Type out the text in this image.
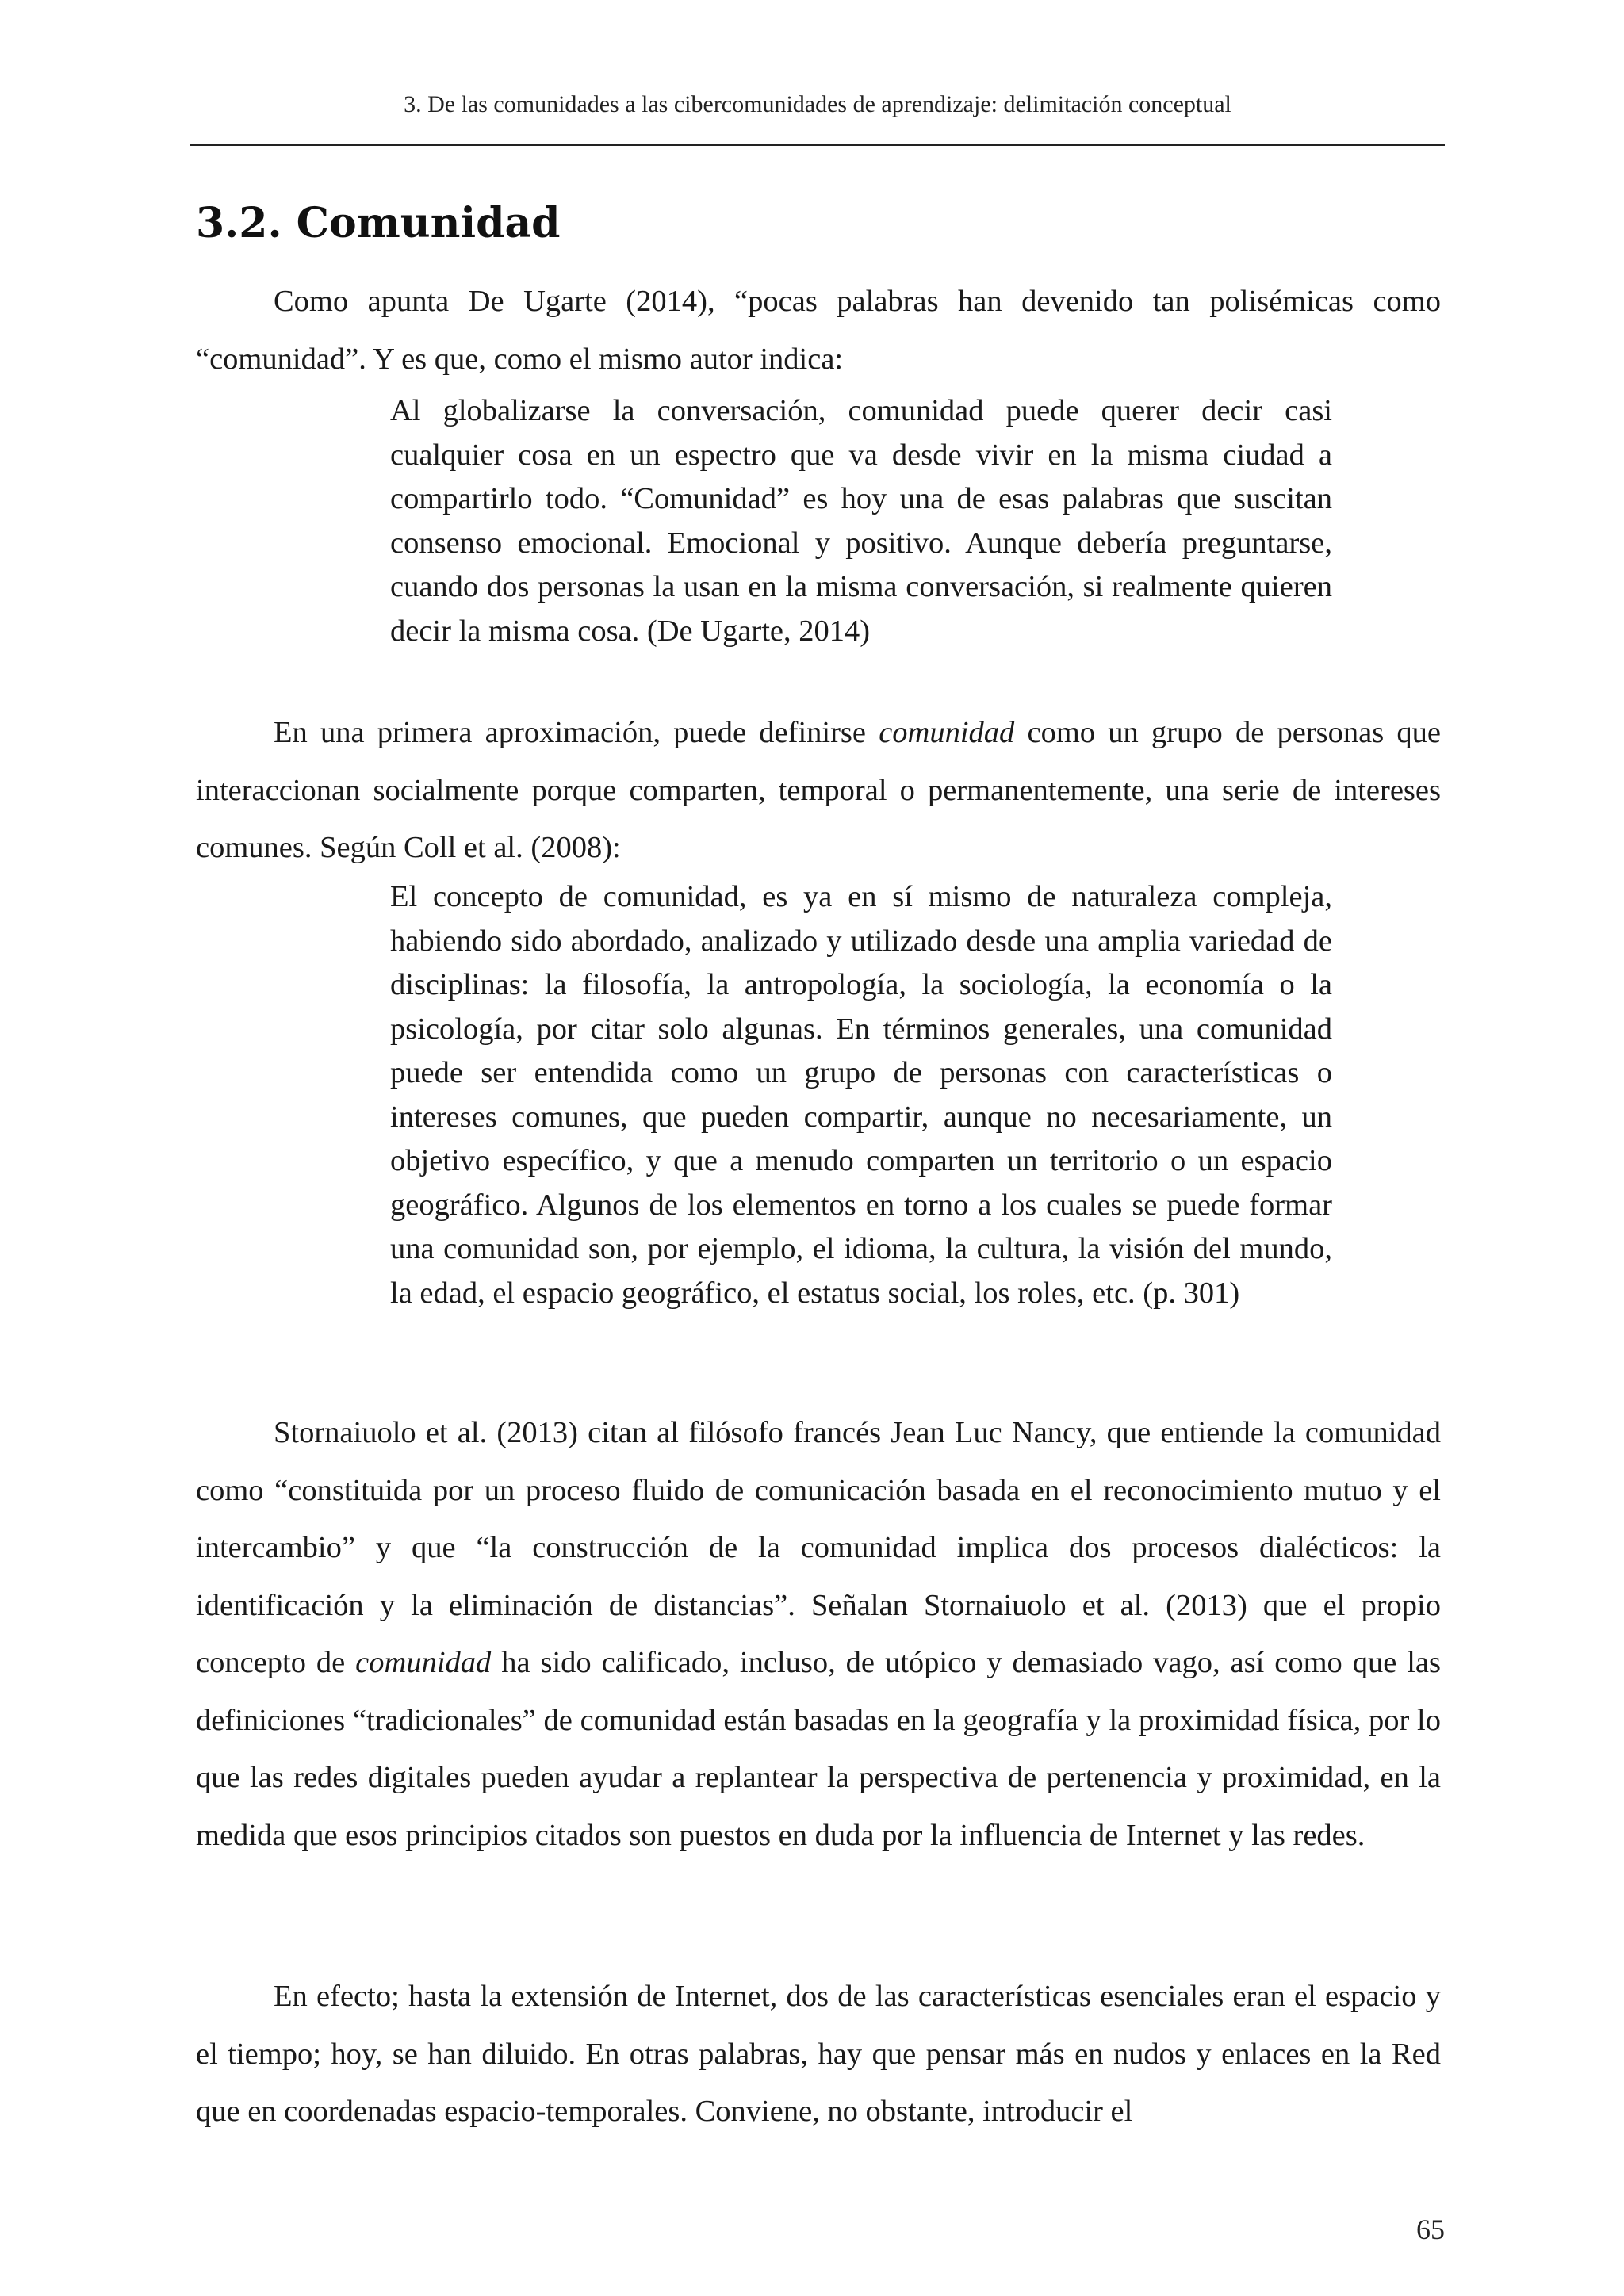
3. De las comunidades a las cibercomunidades de aprendizaje: delimitación conceptual
3.2. Comunidad

Como apunta De Ugarte (2014), “pocas palabras han devenido tan polisémicas como “comunidad”. Y es que, como el mismo autor indica:

Al globalizarse la conversación, comunidad puede querer decir casi cualquier cosa en un espectro que va desde vivir en la misma ciudad a compartirlo todo. “Comunidad” es hoy una de esas palabras que suscitan consenso emocional. Emocional y positivo. Aunque debería preguntarse, cuando dos personas la usan en la misma conversación, si realmente quieren decir la misma cosa. (De Ugarte, 2014)

En una primera aproximación, puede definirse comunidad como un grupo de personas que interaccionan socialmente porque comparten, temporal o permanentemente, una serie de intereses comunes. Según Coll et al. (2008):

El concepto de comunidad, es ya en sí mismo de naturaleza compleja, habiendo sido abordado, analizado y utilizado desde una amplia variedad de disciplinas: la filosofía, la antropología, la sociología, la economía o la psicología, por citar solo algunas. En términos generales, una comunidad puede ser entendida como un grupo de personas con características o intereses comunes, que pueden compartir, aunque no necesariamente, un objetivo específico, y que a menudo comparten un territorio o un espacio geográfico. Algunos de los elementos en torno a los cuales se puede formar una comunidad son, por ejemplo, el idioma, la cultura, la visión del mundo, la edad, el espacio geográfico, el estatus social, los roles, etc. (p. 301)

Stornaiuolo et al. (2013) citan al filósofo francés Jean Luc Nancy, que entiende la comunidad como “constituida por un proceso fluido de comunicación basada en el reconocimiento mutuo y el intercambio” y que “la construcción de la comunidad implica dos procesos dialécticos: la identificación y la eliminación de distancias”. Señalan Stornaiuolo et al. (2013) que el propio concepto de comunidad ha sido calificado, incluso, de utópico y demasiado vago, así como que las definiciones “tradicionales” de comunidad están basadas en la geografía y la proximidad física, por lo que las redes digitales pueden ayudar a replantear la perspectiva de pertenencia y proximidad, en la medida que esos principios citados son puestos en duda por la influencia de Internet y las redes.

En efecto; hasta la extensión de Internet, dos de las características esenciales eran el espacio y el tiempo; hoy, se han diluido. En otras palabras, hay que pensar más en nudos y enlaces en la Red que en coordenadas espacio-temporales. Conviene, no obstante, introducir el

65
